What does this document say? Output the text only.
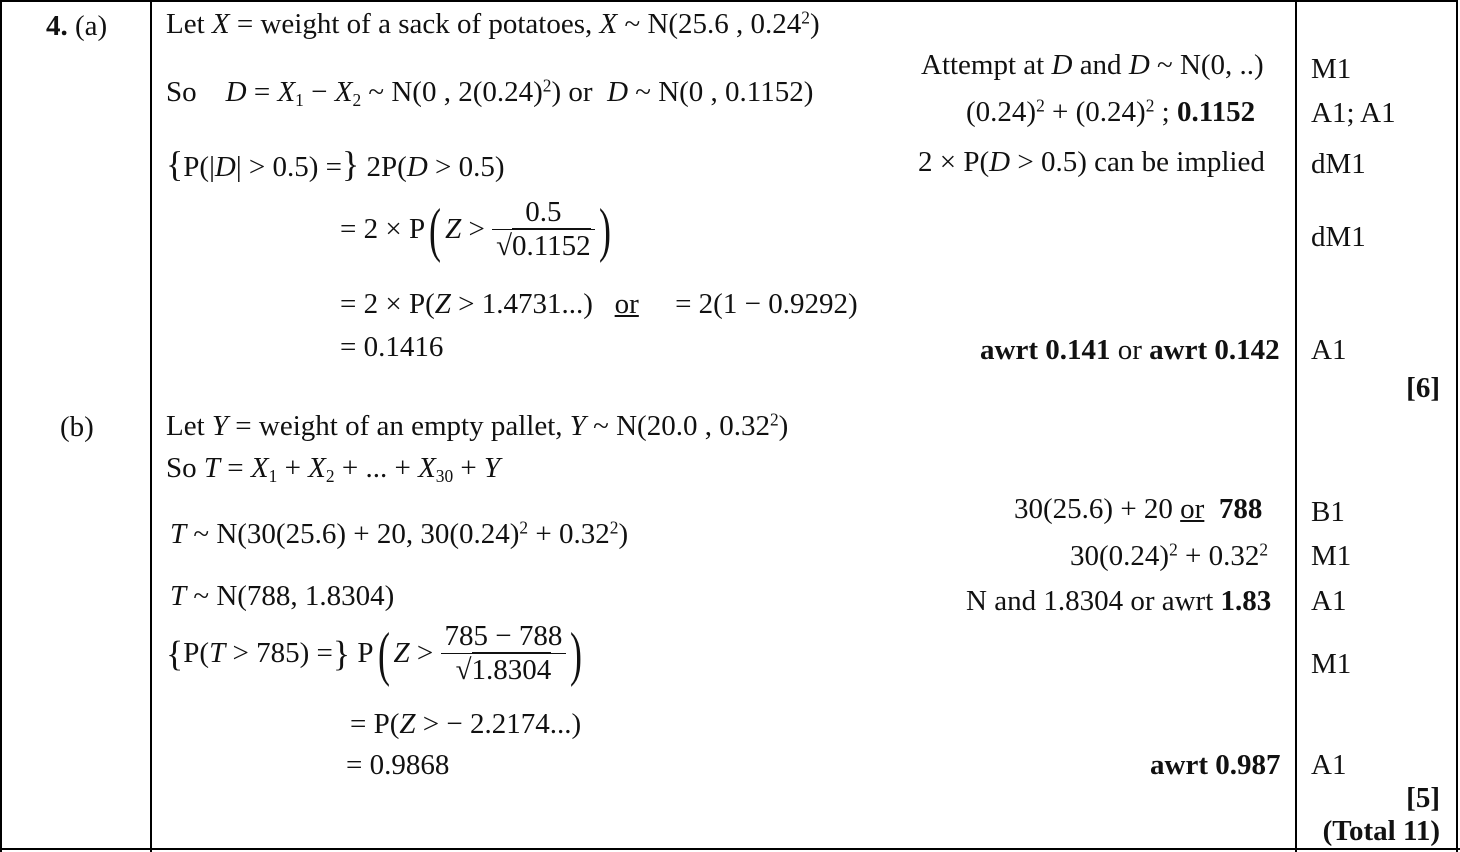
4. (a)
(b)
Let X = weight of a sack of potatoes, X ~ N(25.6 , 0.24$^2$)
So $D = X_1 - X_2$ ~ N(0 , $2(0.24)^2$) or  D ~ N(0 , 0.1152)
{P(|D| > 0.5) =} 2P(D > 0.5)
= 2 × P( $Z > \frac{0.5}{√0.1152}$ )
= 2 × P(Z > 1.4731...) or = 2(1 − 0.9292)
= 0.1416
Attempt at D and D ~ N(0, ..)
$(0.24)^2 + (0.24)^2$ ; 0.1152
2 × P(D > 0.5) can be implied
awrt 0.141 or awrt 0.142
M1
A1; A1
dM1
dM1
A1
[6]
Let Y = weight of an empty pallet, Y ~ N(20.0 , 0.32$^2$)
So $T = X_1 + X_2$ + ... + $X_{30} + Y$
T ~ N(30(25.6) + 20, $30(0.24)^2 + 0.32^2$)
T ~ N(788, 1.8304)
{P(T > 785) =} P( $Z > \frac{785 - 788}{√1.8304}$ )
= P(Z > − 2.2174...)
= 0.9868
30(25.6) + 20 or 788
$30(0.24)^2 + 0.32^2$
N and 1.8304 or awrt 1.83
awrt 0.987
B1
M1
A1
M1
A1
[5]
(Total 11)
